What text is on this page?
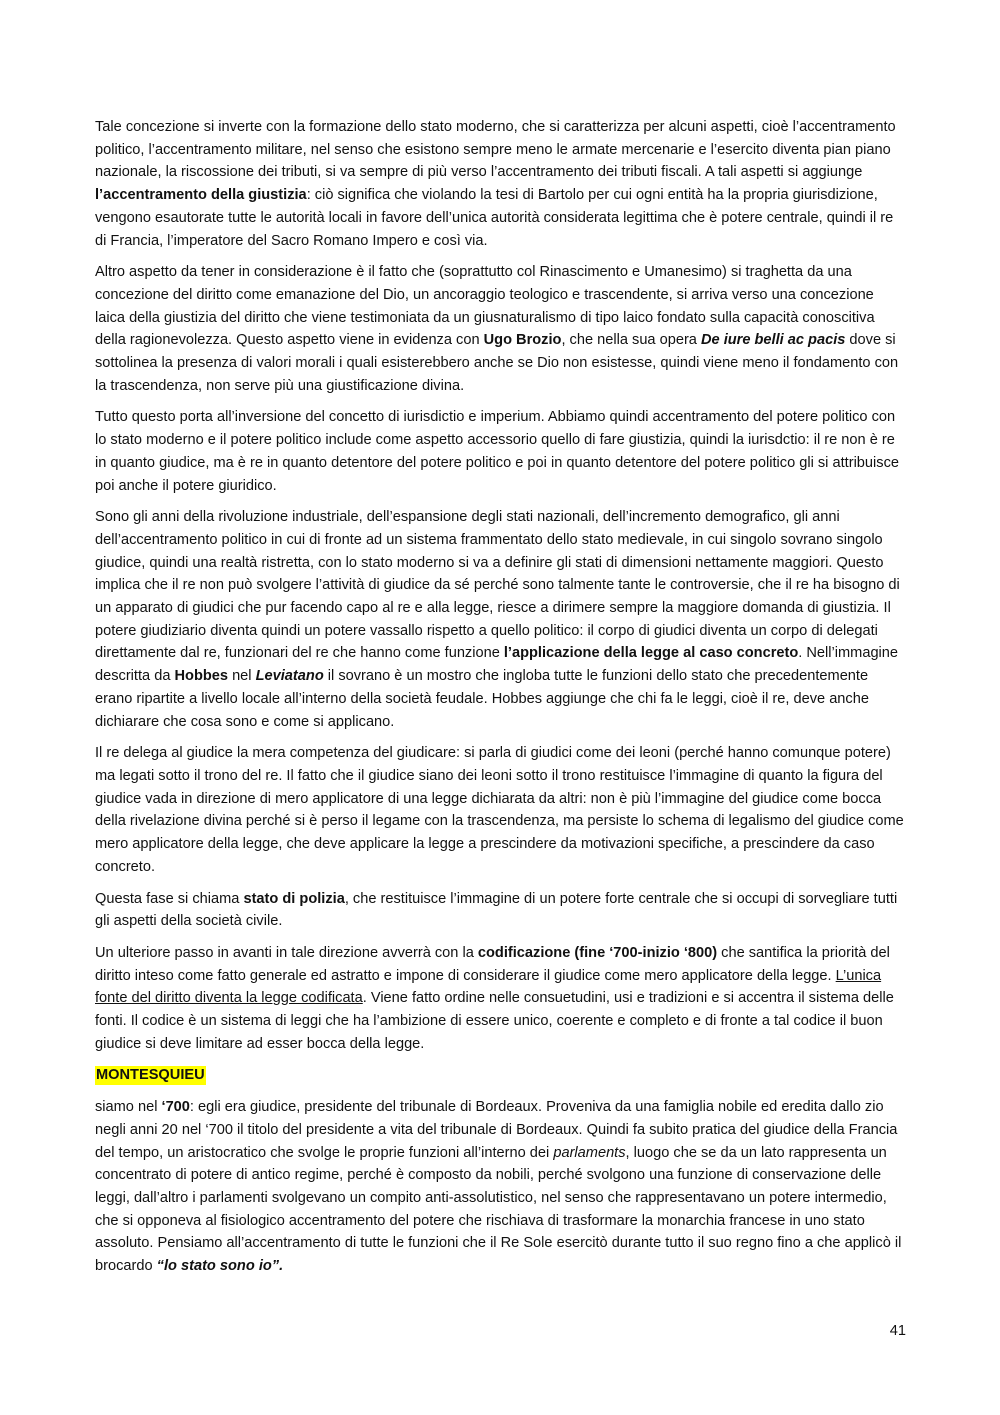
Tale concezione si inverte con la formazione dello stato moderno, che si caratterizza per alcuni aspetti, cioè l’accentramento politico, l’accentramento militare, nel senso che esistono sempre meno le armate mercenarie e l’esercito diventa pian piano nazionale, la riscossione dei tributi, si va sempre di più verso l’accentramento dei tributi fiscali. A tali aspetti si aggiunge l’accentramento della giustizia: ciò significa che violando la tesi di Bartolo per cui ogni entità ha la propria giurisdizione, vengono esautorate tutte le autorità locali in favore dell’unica autorità considerata legittima che è potere centrale, quindi il re di Francia, l’imperatore del Sacro Romano Impero e così via.

Altro aspetto da tener in considerazione è il fatto che (soprattutto col Rinascimento e Umanesimo) si traghetta da una concezione del diritto come emanazione del Dio, un ancoraggio teologico e trascendente, si arriva verso una concezione laica della giustizia del diritto che viene testimoniata da un giusnaturalismo di tipo laico fondato sulla capacità conoscitiva della ragionevolezza. Questo aspetto viene in evidenza con Ugo Brozio, che nella sua opera De iure belli ac pacis dove si sottolinea la presenza di valori morali i quali esisterebbero anche se Dio non esistesse, quindi viene meno il fondamento con la trascendenza, non serve più una giustificazione divina.

Tutto questo porta all’inversione del concetto di iurisdictio e imperium. Abbiamo quindi accentramento del potere politico con lo stato moderno e il potere politico include come aspetto accessorio quello di fare giustizia, quindi la iurisdctio: il re non è re in quanto giudice, ma è re in quanto detentore del potere politico e poi in quanto detentore del potere politico gli si attribuisce poi anche il potere giuridico.

Sono gli anni della rivoluzione industriale, dell’espansione degli stati nazionali, dell’incremento demografico, gli anni dell’accentramento politico in cui di fronte ad un sistema frammentato dello stato medievale, in cui singolo sovrano singolo giudice, quindi una realtà ristretta, con lo stato moderno si va a definire gli stati di dimensioni nettamente maggiori. Questo implica che il re non può svolgere l’attività di giudice da sé perché sono talmente tante le controversie, che il re ha bisogno di un apparato di giudici che pur facendo capo al re e alla legge, riesce a dirimere sempre la maggiore domanda di giustizia. Il potere giudiziario diventa quindi un potere vassallo rispetto a quello politico: il corpo di giudici diventa un corpo di delegati direttamente dal re, funzionari del re che hanno come funzione l’applicazione della legge al caso concreto. Nell’immagine descritta da Hobbes nel Leviatano il sovrano è un mostro che ingloba tutte le funzioni dello stato che precedentemente erano ripartite a livello locale all’interno della società feudale. Hobbes aggiunge che chi fa le leggi, cioè il re, deve anche dichiarare che cosa sono e come si applicano.

Il re delega al giudice la mera competenza del giudicare: si parla di giudici come dei leoni (perché hanno comunque potere) ma legati sotto il trono del re. Il fatto che il giudice siano dei leoni sotto il trono restituisce l’immagine di quanto la figura del giudice vada in direzione di mero applicatore di una legge dichiarata da altri: non è più l’immagine del giudice come bocca della rivelazione divina perché si è perso il legame con la trascendenza, ma persiste lo schema di legalismo del giudice come mero applicatore della legge, che deve applicare la legge a prescindere da motivazioni specifiche, a prescindere da caso concreto.

Questa fase si chiama stato di polizia, che restituisce l’immagine di un potere forte centrale che si occupi di sorvegliare tutti gli aspetti della società civile.

Un ulteriore passo in avanti in tale direzione avverrà con la codificazione (fine ‘700-inizio ‘800) che santifica la priorità del diritto inteso come fatto generale ed astratto e impone di considerare il giudice come mero applicatore della legge. L’unica fonte del diritto diventa la legge codificata. Viene fatto ordine nelle consuetudini, usi e tradizioni e si accentra il sistema delle fonti. Il codice è un sistema di leggi che ha l’ambizione di essere unico, coerente e completo e di fronte a tal codice il buon giudice si deve limitare ad esser bocca della legge.

MONTESQUIEU

siamo nel ‘700: egli era giudice, presidente del tribunale di Bordeaux. Proveniva da una famiglia nobile ed eredita dallo zio negli anni 20 nel ‘700 il titolo del presidente a vita del tribunale di Bordeaux. Quindi fa subito pratica del giudice della Francia del tempo, un aristocratico che svolge le proprie funzioni all’interno dei parlaments, luogo che se da un lato rappresenta un concentrato di potere di antico regime, perché è composto da nobili, perché svolgono una funzione di conservazione delle leggi, dall’altro i parlamenti svolgevano un compito anti-assolutistico, nel senso che rappresentavano un potere intermedio, che si opponeva al fisiologico accentramento del potere che rischiava di trasformare la monarchia francese in uno stato assoluto. Pensiamo all’accentramento di tutte le funzioni che il Re Sole esercitò durante tutto il suo regno fino a che applicò il brocardo “lo stato sono io”.

41
